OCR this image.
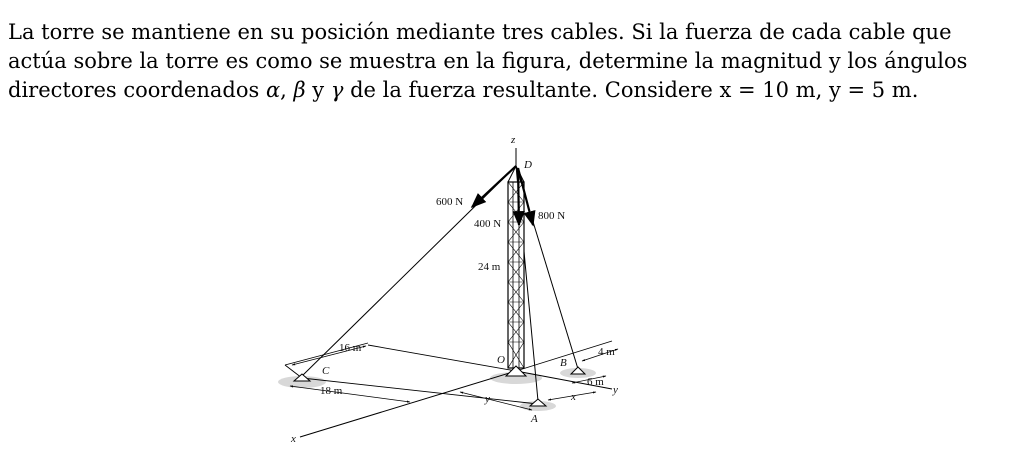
La torre se mantiene en su posición mediante tres cables. Si la fuerza de cada cable que

actúa sobre la torre es como se muestra en la figura, determine la magnitud y los ángulos

directores coordenados α, β y γ de la fuerza resultante. Considere x = 10 m, y = 5 m.

z
x
y
D
O
A
B
C
600 N
400 N
800 N
24 m
16 m
18 m
4 m
6 m
x
y
